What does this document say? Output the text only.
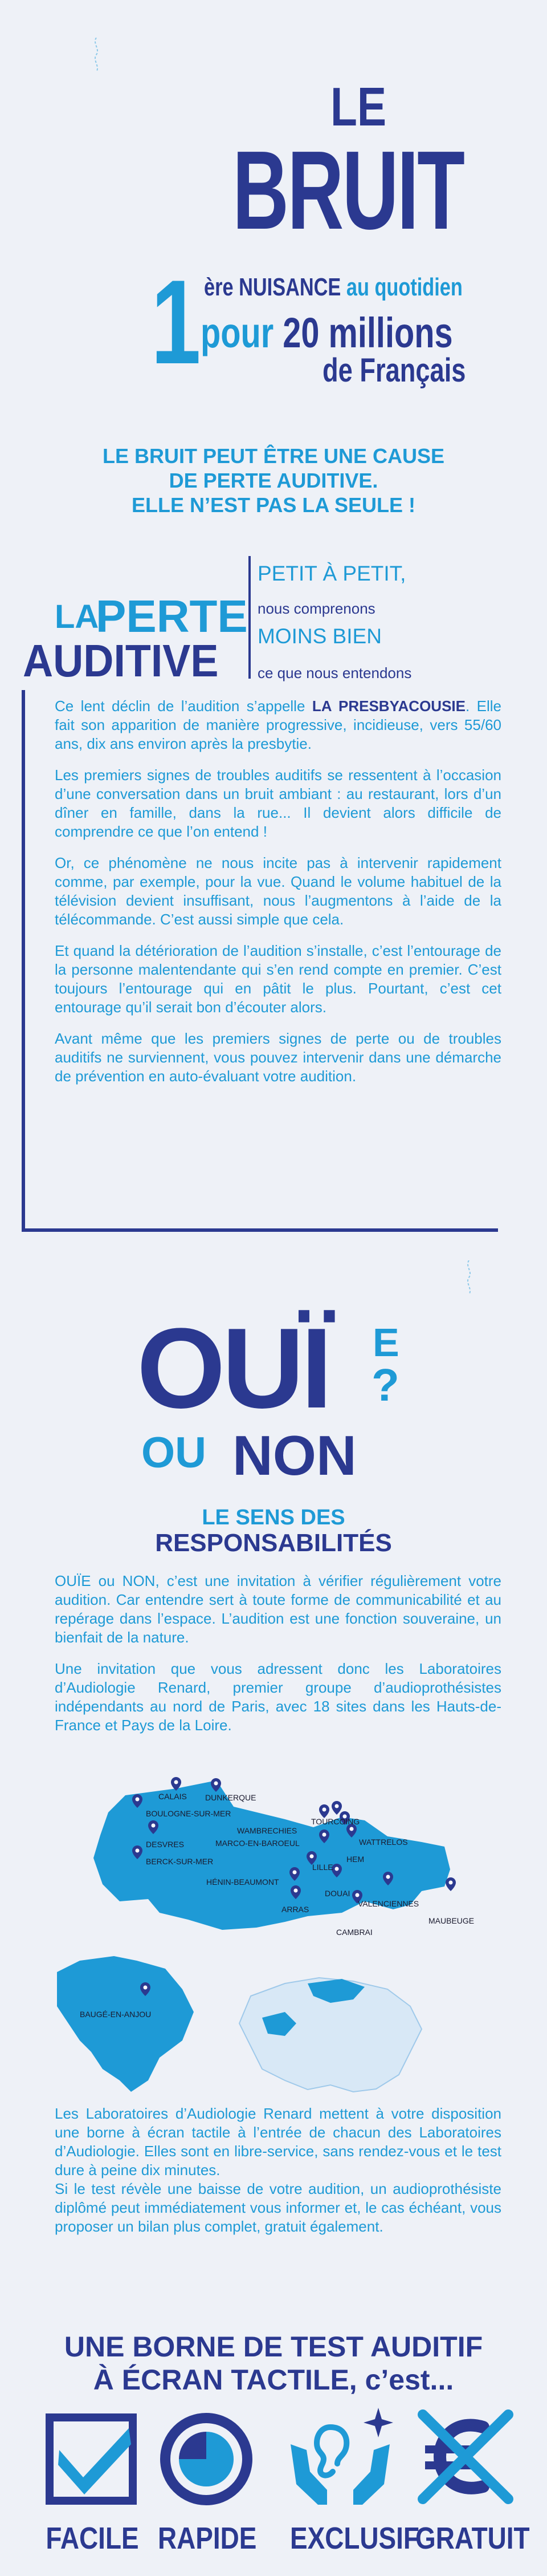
LE
BRUIT
1 ère NUISANCE au quotidien
pour 20 millions
de Français
LE BRUIT PEUT ÊTRE UNE CAUSE
DE PERTE AUDITIVE.
ELLE N’EST PAS LA SEULE !
LA
PERTE
AUDITIVE
PETIT À PETIT,
nous comprenons
MOINS BIEN
ce que nous entendons

Ce lent déclin de l’audition s’appelle LA PRESBYACOUSIE. Elle fait son apparition de manière progressive, incidieuse, vers 55/60 ans, dix ans environ après la presbytie.

Les premiers signes de troubles auditifs se ressentent à l’occasion d’une conversation dans un bruit ambiant : au restaurant, lors d’un dîner en famille, dans la rue... Il devient alors difficile de comprendre ce que l’on entend !

Or, ce phénomène ne nous incite pas à intervenir rapidement comme, par exemple, pour la vue. Quand le volume habituel de la télévision devient insuffisant, nous l’augmentons à l’aide de la télécommande. C’est aussi simple que cela.

Et quand la détérioration de l’audition s’installe, c’est l’entourage de la personne malentendante qui s’en rend compte en premier. C’est toujours l’entourage qui en pâtit le plus. Pourtant, c’est cet entourage qu’il serait bon d’écouter alors.

Avant même que les premiers signes de perte ou de troubles auditifs ne surviennent, vous pouvez intervenir dans une démarche de prévention en auto-évaluant votre audition.

OUÏ E
?
OU NON
LE SENS DES
RESPONSABILITÉS

OUÏE ou NON, c’est une invitation à vérifier régulièrement votre audition. Car entendre sert à toute forme de communicabilité et au repérage dans l’espace. L’audition est une fonction souveraine, un bienfait de la nature.

Une invitation que vous adressent donc les Laboratoires d’Audiologie Renard, premier groupe d’audioprothésistes indépendants au nord de Paris, avec 18 sites dans les Hauts-de-France et Pays de la Loire.

CALAIS DUNKERQUE
BOULOGNE-SUR-MER
TOURCOING
WAMBRECHIES
MARCO-EN-BAROEUL	WATTRELOS
DESVRES
HEM
BERCK-SUR-MER
LILLE
HÉNIN-BEAUMONT
DOUAI
VALENCIENNES
MAUBEUGE
ARRAS
CAMBRAI
BAUGÉ-EN-ANJOU

Les Laboratoires d’Audiologie Renard mettent à votre disposition une borne à écran tactile à l’entrée de chacun des Laboratoires d’Audiologie. Elles sont en libre-service, sans rendez-vous et le test dure à peine dix minutes.

Si le test révèle une baisse de votre audition, un audioprothésiste diplômé peut immédiatement vous informer et, le cas échéant, vous proposer un bilan plus complet, gratuit également.

UNE BORNE DE TEST AUDITIF
À ÉCRAN TACTILE, c’est...
FACILE RAPIDE EXCLUSIF
GRATUIT
